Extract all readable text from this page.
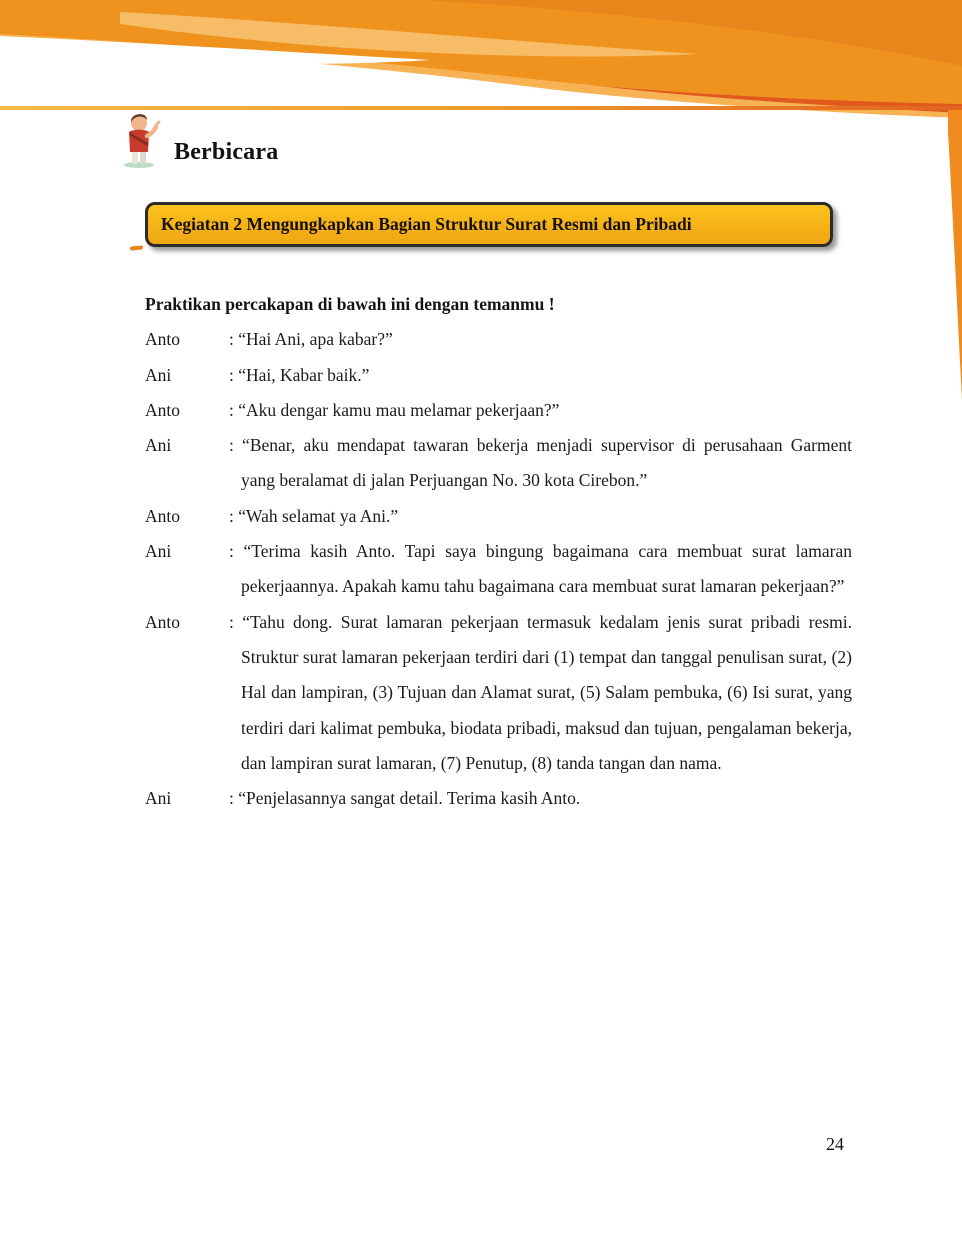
Berbicara
Kegiatan 2 Mengungkapkan Bagian Struktur Surat Resmi dan Pribadi
Praktikan percakapan di bawah ini dengan temanmu !
Anto	: “Hai Ani, apa kabar?”
Ani	: “Hai, Kabar baik.”
Anto	: “Aku dengar kamu mau melamar pekerjaan?”
Ani	: “Benar, aku mendapat tawaran bekerja menjadi supervisor di perusahaan Garment yang beralamat di jalan Perjuangan No. 30 kota Cirebon.”
Anto	: “Wah selamat ya Ani.”
Ani	: “Terima kasih Anto. Tapi saya bingung bagaimana cara membuat surat lamaran pekerjaannya. Apakah kamu tahu bagaimana cara membuat surat lamaran pekerjaan?”
Anto	: “Tahu dong. Surat lamaran pekerjaan termasuk kedalam jenis surat pribadi resmi. Struktur surat lamaran pekerjaan terdiri dari (1) tempat dan tanggal penulisan surat, (2) Hal dan lampiran, (3) Tujuan dan Alamat surat, (5) Salam pembuka, (6) Isi surat, yang terdiri dari kalimat pembuka, biodata pribadi, maksud dan tujuan, pengalaman bekerja, dan lampiran surat lamaran, (7) Penutup, (8) tanda tangan dan nama.
Ani	: “Penjelasannya sangat detail. Terima kasih Anto.
24
